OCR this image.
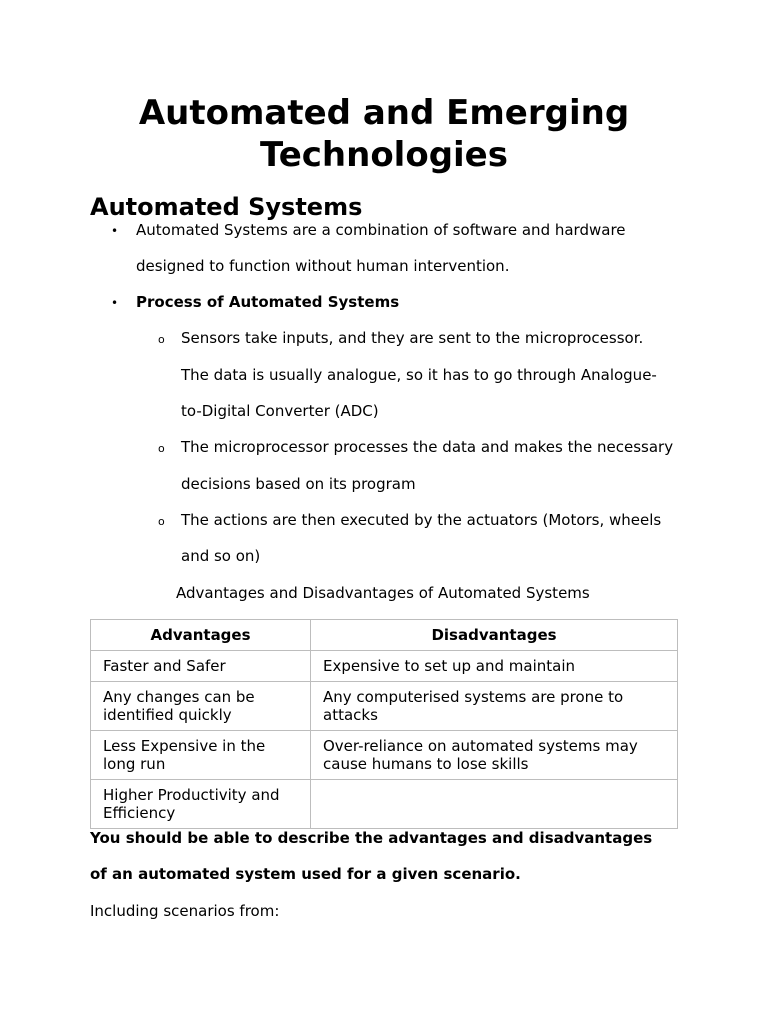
Automated and Emerging Technologies
Automated Systems
• Automated Systems are a combination of software and hardware

designed to function without human intervention.

• Process of Automated Systems

o Sensors take inputs, and they are sent to the microprocessor.

The data is usually analogue, so it has to go through Analogue-

to-Digital Converter (ADC)

o The microprocessor processes the data and makes the necessary

decisions based on its program

o The actions are then executed by the actuators (Motors, wheels

and so on)

Advantages and Disadvantages of Automated Systems

Advantages	Disadvantages
Faster and Safer	Expensive to set up and maintain
Any changes can be identified quickly	Any computerised systems are prone to attacks
Less Expensive in the long run	Over-reliance on automated systems may cause humans to lose skills
Higher Productivity and Efficiency	

You should be able to describe the advantages and disadvantages

of an automated system used for a given scenario.

Including scenarios from:
